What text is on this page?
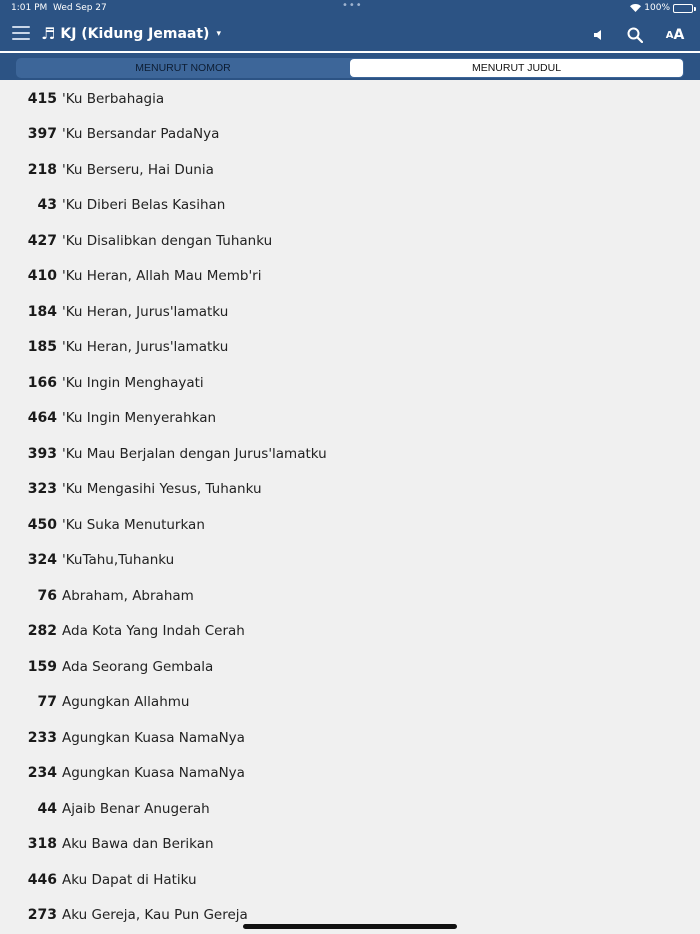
1:01 PM Wed Sep 27	•••	100%
♬ KJ (Kidung Jemaat) ▾	A A
MENURUT NOMOR	MENURUT JUDUL
415 'Ku Berbahagia
397 'Ku Bersandar PadaNya
218 'Ku Berseru, Hai Dunia
43 'Ku Diberi Belas Kasihan
427 'Ku Disalibkan dengan Tuhanku
410 'Ku Heran, Allah Mau Memb'ri
184 'Ku Heran, Jurus'lamatku
185 'Ku Heran, Jurus'lamatku
166 'Ku Ingin Menghayati
464 'Ku Ingin Menyerahkan
393 'Ku Mau Berjalan dengan Jurus'lamatku
323 'Ku Mengasihi Yesus, Tuhanku
450 'Ku Suka Menuturkan
324 'KuTahu,Tuhanku
76 Abraham, Abraham
282 Ada Kota Yang Indah Cerah
159 Ada Seorang Gembala
77 Agungkan Allahmu
233 Agungkan Kuasa NamaNya
234 Agungkan Kuasa NamaNya
44 Ajaib Benar Anugerah
318 Aku Bawa dan Berikan
446 Aku Dapat di Hatiku
273 Aku Gereja, Kau Pun Gereja
